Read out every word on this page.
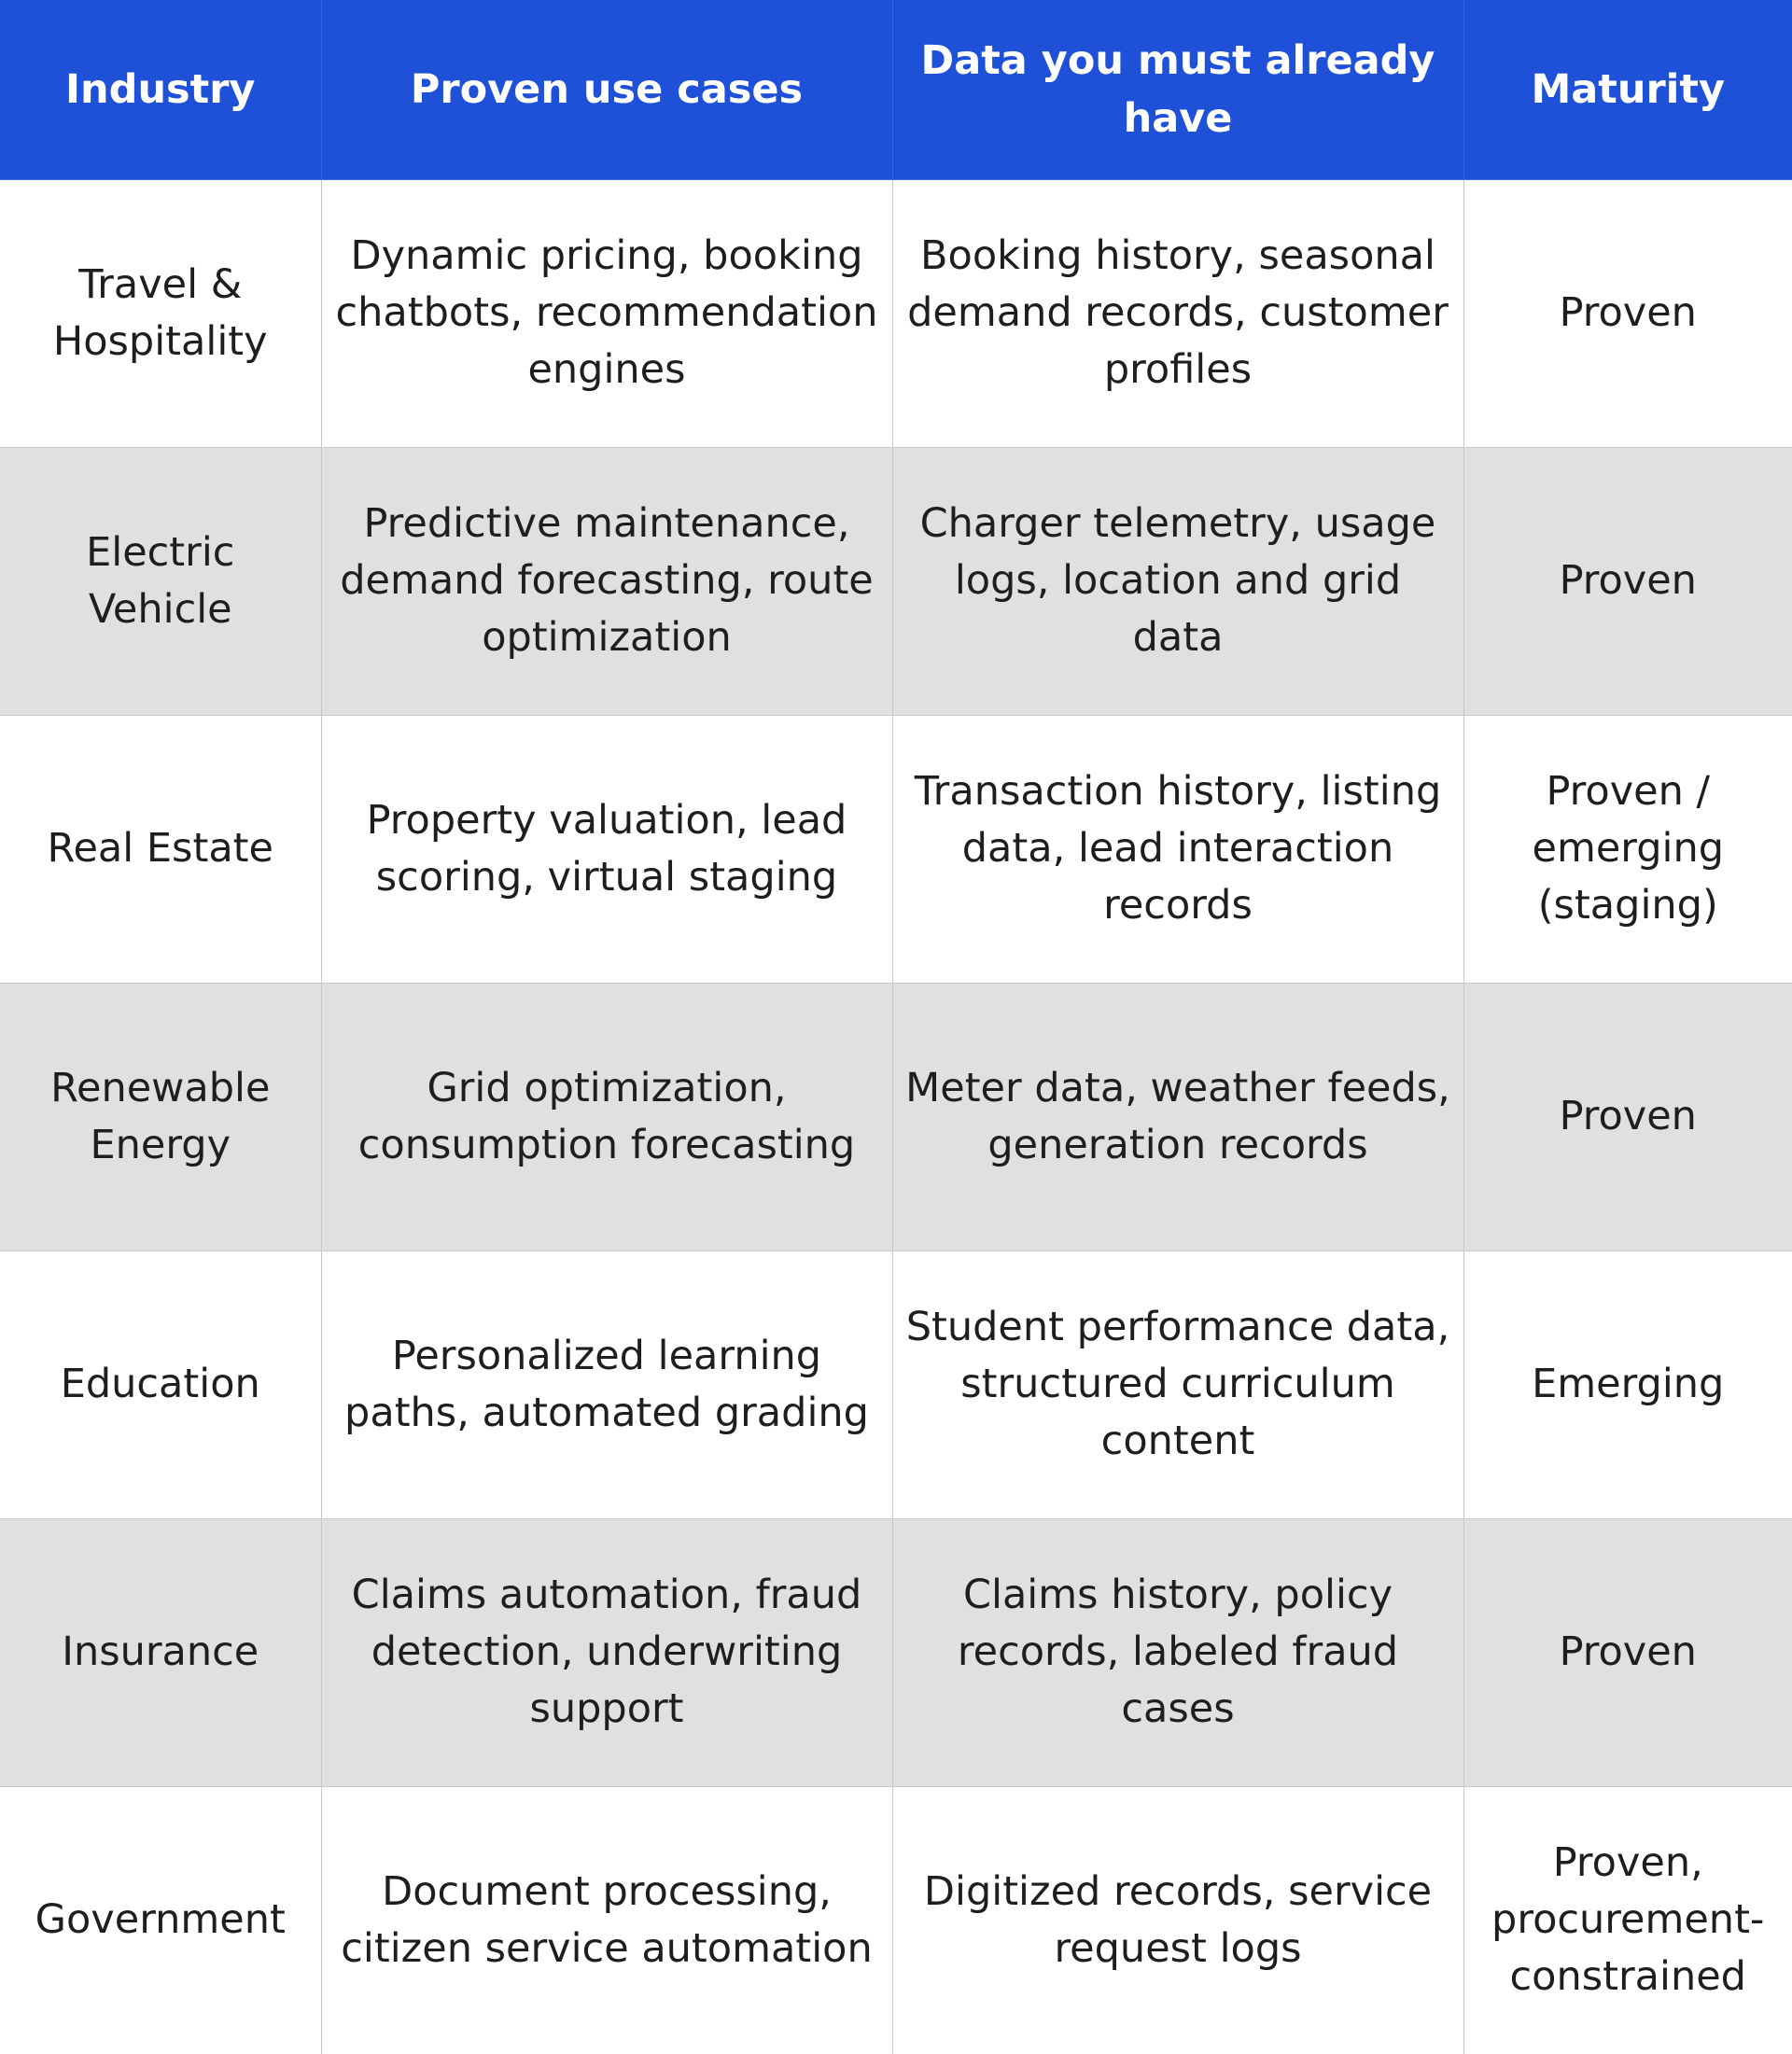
Industry	Proven use cases	Data you must already have	Maturity
Travel & Hospitality	Dynamic pricing, booking chatbots, recommendation engines	Booking history, seasonal demand records, customer profiles	Proven
Electric Vehicle	Predictive maintenance, demand forecasting, route optimization	Charger telemetry, usage logs, location and grid data	Proven
Real Estate	Property valuation, lead scoring, virtual staging	Transaction history, listing data, lead interaction records	Proven / emerging (staging)
Renewable Energy	Grid optimization, consumption forecasting	Meter data, weather feeds, generation records	Proven
Education	Personalized learning paths, automated grading	Student performance data, structured curriculum content	Emerging
Insurance	Claims automation, fraud detection, underwriting support	Claims history, policy records, labeled fraud cases	Proven
Government	Document processing, citizen service automation	Digitized records, service request logs	Proven, procurement-constrained
